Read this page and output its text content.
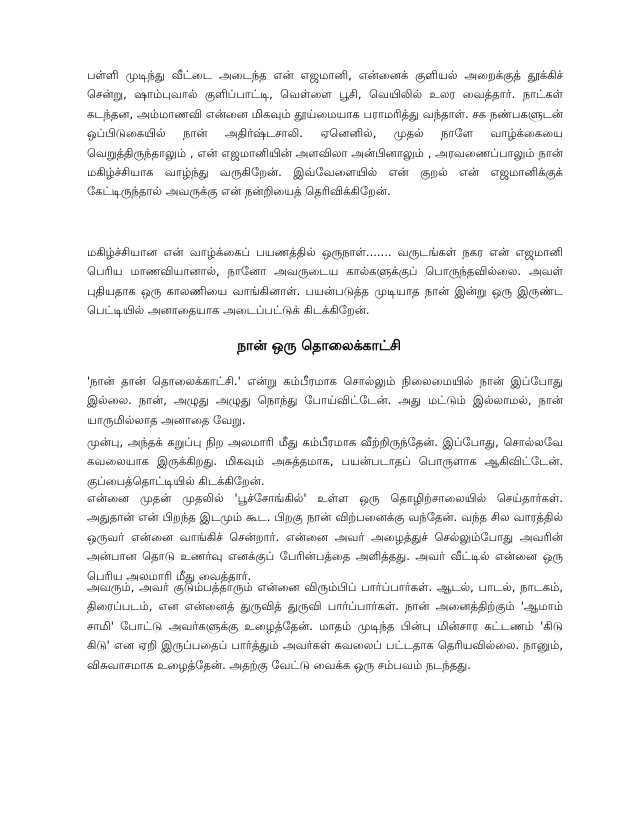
பள்ளி முடிந்து வீட்டை அடைந்த என் எஜமானி, என்னைக் குளியல் அறைக்குத் தூக்கிச் சென்று, ஷாம்புவால் குளிப்பாட்டி, வெள்ளை பூசி, வெயிலில் உலர வைத்தார். நாட்கள் கடந்தன, அம்மாணவி என்னை மிகவும் தூய்மையாக பராமரித்து வந்தாள். சக நண்பகளுடன் ஒப்பிடுகையில் நான் அதிர்ஷ்டசாலி. ஏனெனில், முதல் நாளே வாழ்க்கையை வெறுத்திருந்தாலும் , என் எஜமானியின் அளவிலா அன்பினாலும் , அரவணைப்பாலும் நான் மகிழ்ச்சியாக வாழ்ந்து வருகிறேன். இவ்வேளையில் என் குறல் என் எஜமானிக்குக் கேட்டிருந்தால் அவருக்கு என் நன்றியைத் தெரிவிக்கிறேன்.

மகிழ்ச்சியான என் வாழ்க்கைப் பயணத்தில் ஒருநாள்....... வருடங்கள் நகர என் எஜமானி பெரிய மாணவியானால், நானோ அவருடைய கால்களுக்குப் பொருந்தவில்லை. அவள் புதியதாக ஒரு காலணியை வாங்கினாள். பயன்படுத்த முடியாத நான் இன்று ஒரு இருண்ட பெட்டியில் அனாதையாக அடைப்பட்டுக் கிடக்கிறேன்.

நான் ஒரு தொலைக்காட்சி

'நான் தான் தொலைக்காட்சி.' என்று கம்பீரமாக சொல்லும் நிலைமையில் நான் இப்போது இல்லை. நான், அழுது அழுது நொந்து போய்விட்டேன். அது மட்டும் இல்லாமல், நான் யாருமில்லாத அனாதை வேறு.

முன்பு, அந்தக் கறுப்பு நிற அலமாரி மீது கம்பீரமாக வீற்றிருந்தேன். இப்போது, சொல்லவே கவலையாக இருக்கிறது. மிகவும் அசுத்தமாக, பயன்படாதப் பொருளாக ஆகிவிட்டேன். குப்பைத்தொட்டியில் கிடக்கிறேன்.

என்னை முதன் முதலில் 'பூச்சோங்கில்' உள்ள ஒரு தொழிற்சாலையில் செய்தார்கள். அதுதான் என் பிறந்த இடமும் கூட. பிறகு நான் விற்பனைக்கு வந்தேன். வந்த சில வாரத்தில் ஒருவர் என்னை வாங்கிச் சென்றார். என்னை அவர் அழைத்துச் செல்லும்போது அவரின் அன்பான தொடு உணர்வு எனக்குப் பேரின்பத்தை அளித்தது. அவர் வீட்டில் என்னை ஒரு பெரிய அலமாரி மீது வைத்தார்.

அவரும், அவர் குடும்பத்தாரும் என்னை விரும்பிப் பார்ப்பார்கள். ஆடல், பாடல், நாடகம், திரைப்படம், என என்னைத் துருவித் துருவி பார்ப்பார்கள். நான் அனைத்திற்கும் 'ஆமாம் சாமி' போட்டு அவர்களுக்கு உழைத்தேன். மாதம் முடிந்த பின்பு மின்சார கட்டணம் 'கிடு கிடு' என ஏறி இருப்பதைப் பார்த்தும் அவர்கள் கவலைப் பட்டதாக தெரியவில்லை. நானும், விசுவாசமாக உழைத்தேன். அதற்கு வேட்டு வைக்க ஒரு சம்பவம் நடந்தது.
